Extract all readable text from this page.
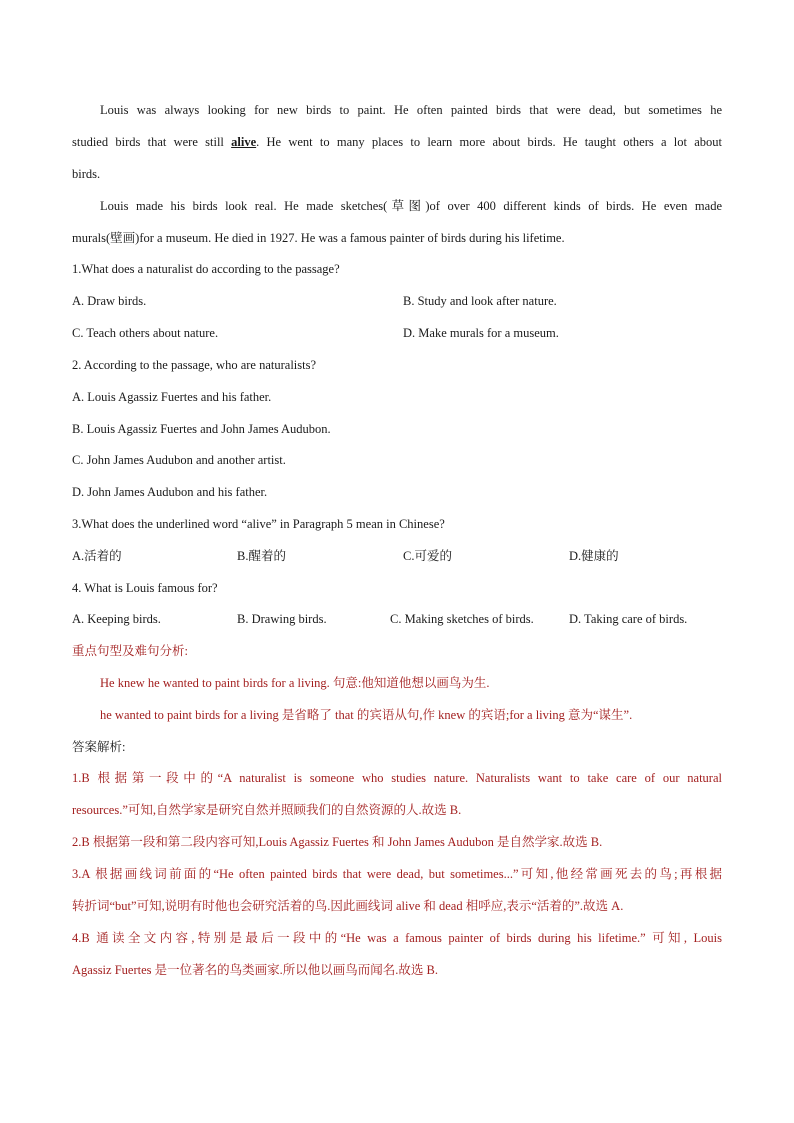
Louis was always looking for new birds to paint. He often painted birds that were dead, but sometimes he
studied birds that were still alive. He went to many places to learn more about birds. He taught others a lot about
birds.
Louis made his birds look real. He made sketches(草图)of over 400 different kinds of birds. He even made
murals(壁画)for a museum. He died in 1927. He was a famous painter of birds during his lifetime.
1.What does a naturalist do according to the passage?
A. Draw birds.	B. Study and look after nature.
C. Teach others about nature.	D. Make murals for a museum.
2. According to the passage, who are naturalists?
A. Louis Agassiz Fuertes and his father.
B. Louis Agassiz Fuertes and John James Audubon.
C. John James Audubon and another artist.
D. John James Audubon and his father.
3.What does the underlined word “alive” in Paragraph 5 mean in Chinese?
A.活着的	B.醒着的	C.可爱的	D.健康的
4. What is Louis famous for?
A. Keeping birds.	B. Drawing birds.	C. Making sketches of birds.	D. Taking care of birds.
重点句型及难句分析:
He knew he wanted to paint birds for a living. 句意:他知道他想以画鸟为生.
he wanted to paint birds for a living 是省略了 that 的宾语从句,作 knew 的宾语;for a living 意为“谋生”.
答案解析:
1.B 根据第一段中的“A naturalist is someone who studies nature. Naturalists want to take care of our natural
resources.”可知,自然学家是研究自然并照顾我们的自然资源的人.故选 B.
2.B 根据第一段和第二段内容可知,Louis Agassiz Fuertes 和 John James Audubon 是自然学家.故选 B.
3.A 根据画线词前面的“He often painted birds that were dead, but sometimes...”可知,他经常画死去的鸟;再根据
转折词“but”可知,说明有时他也会研究活着的鸟.因此画线词 alive 和 dead 相呼应,表示“活着的”.故选 A.
4.B 通读全文内容,特别是最后一段中的“He was a famous painter of birds during his lifetime.” 可知, Louis
Agassiz Fuertes 是一位著名的鸟类画家.所以他以画鸟而闻名.故选 B.
